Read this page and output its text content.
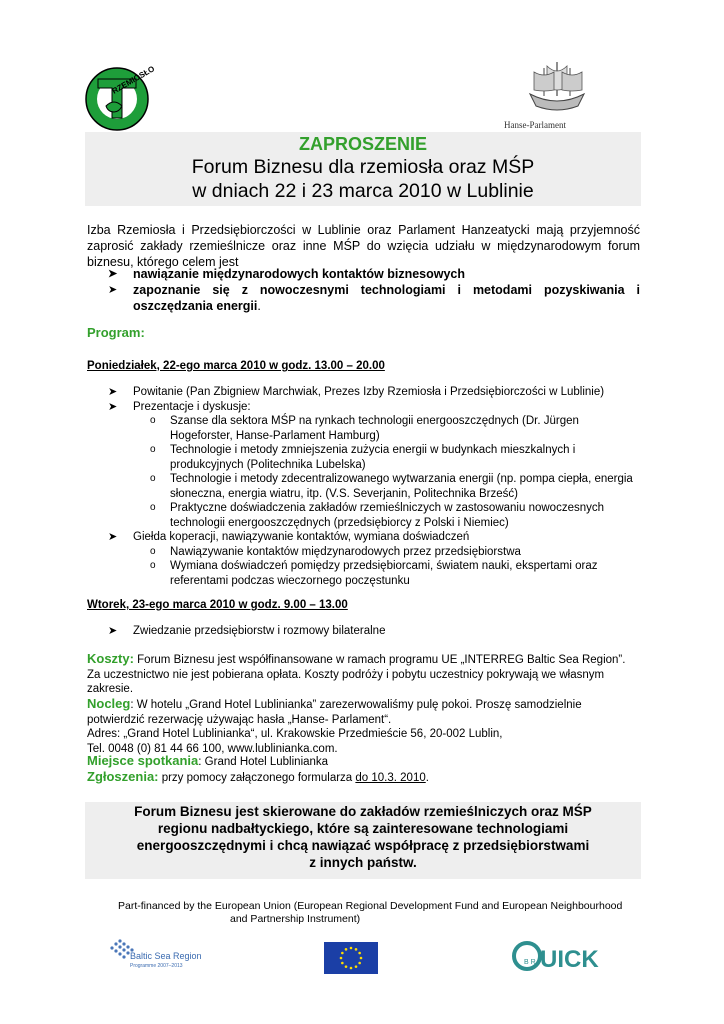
RZEMIOSŁO
Hanse-Parlament
ZAPROSZENIE
Forum Biznesu dla rzemiosła oraz MŚP
w dniach 22 i 23 marca 2010 w Lublinie
Izba Rzemiosła i Przedsiębiorczości w Lublinie oraz Parlament Hanzeatycki mają przyjemność zaprosić zakłady rzemieślnicze oraz inne MŚP do wzięcia udziału w międzynarodowym forum biznesu, którego celem jest
➤ nawiązanie międzynarodowych kontaktów biznesowych
➤ zapoznanie się z nowoczesnymi technologiami i metodami pozyskiwania i oszczędzania energii.
Program:
Poniedziałek, 22-ego marca 2010 w godz. 13.00 – 20.00
➤ Powitanie (Pan Zbigniew Marchwiak, Prezes Izby Rzemiosła i Przedsiębiorczości w Lublinie)
➤ Prezentacje i dyskusje:
o Szanse dla sektora MŚP na rynkach technologii energooszczędnych (Dr. Jürgen Hogeforster, Hanse-Parlament Hamburg)
o Technologie i metody zmniejszenia zużycia energii w budynkach mieszkalnych i produkcyjnych (Politechnika Lubelska)
o Technologie i metody zdecentralizowanego wytwarzania energii (np. pompa ciepła, energia słoneczna, energia wiatru, itp. (V.S. Severjanin, Politechnika Brześć)
o Praktyczne doświadczenia zakładów rzemieślniczych w zastosowaniu nowoczesnych technologii energooszczędnych (przedsiębiorcy z Polski i Niemiec)
➤ Giełda koperacji, nawiązywanie kontaktów, wymiana doświadczeń
o Nawiązywanie kontaktów międzynarodowych przez przedsiębiorstwa
o Wymiana doświadczeń pomiędzy przedsiębiorcami, światem nauki, ekspertami oraz referentami podczas wieczornego poczęstunku
Wtorek, 23-ego marca 2010 w godz. 9.00 – 13.00
➤ Zwiedzanie przedsiębiorstw i rozmowy bilateralne
Koszty: Forum Biznesu jest współfinansowane w ramach programu UE „INTERREG Baltic Sea Region”. Za uczestnictwo nie jest pobierana opłata. Koszty podróży i pobytu uczestnicy pokrywają we własnym zakresie.
Nocleg: W hotelu „Grand Hotel Lublinianka” zarezerwowaliśmy pulę pokoi. Proszę samodzielnie potwierdzić rezerwację używając hasła „Hanse- Parlament“.
Adres: „Grand Hotel Lublinianka“, ul. Krakowskie Przedmieście 56, 20-002 Lublin,
Tel. 0048 (0) 81 44 66 100, www.lublinianka.com.
Miejsce spotkania: Grand Hotel Lublinianka
Zgłoszenia: przy pomocy załączonego formularza do 10.3. 2010.
Forum Biznesu jest skierowane do zakładów rzemieślniczych oraz MŚP
regionu nadbałtyckiego, które są zainteresowane technologiami
energooszczędnymi i chcą nawiązać współpracę z przedsiębiorstwami
z innych państw.
Part-financed by the European Union (European Regional Development Fund and European Neighbourhood
and Partnership Instrument)
Baltic Sea Region
Programme 2007–2013	B R UICK
